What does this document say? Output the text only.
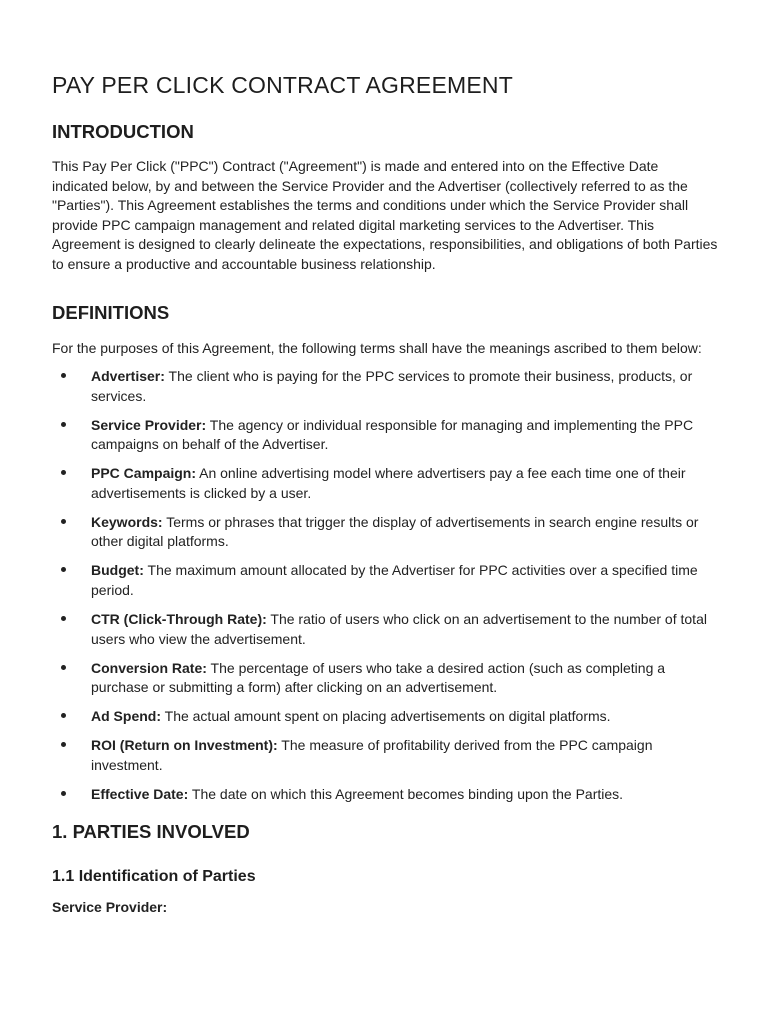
PAY PER CLICK CONTRACT AGREEMENT
INTRODUCTION

This Pay Per Click ("PPC") Contract ("Agreement") is made and entered into on the Effective Date indicated below, by and between the Service Provider and the Advertiser (collectively referred to as the "Parties"). This Agreement establishes the terms and conditions under which the Service Provider shall provide PPC campaign management and related digital marketing services to the Advertiser. This Agreement is designed to clearly delineate the expectations, responsibilities, and obligations of both Parties to ensure a productive and accountable business relationship.

DEFINITIONS

For the purposes of this Agreement, the following terms shall have the meanings ascribed to them below:

Advertiser: The client who is paying for the PPC services to promote their business, products, or services.
Service Provider: The agency or individual responsible for managing and implementing the PPC campaigns on behalf of the Advertiser.
PPC Campaign: An online advertising model where advertisers pay a fee each time one of their advertisements is clicked by a user.
Keywords: Terms or phrases that trigger the display of advertisements in search engine results or other digital platforms.
Budget: The maximum amount allocated by the Advertiser for PPC activities over a specified time period.
CTR (Click-Through Rate): The ratio of users who click on an advertisement to the number of total users who view the advertisement.
Conversion Rate: The percentage of users who take a desired action (such as completing a purchase or submitting a form) after clicking on an advertisement.
Ad Spend: The actual amount spent on placing advertisements on digital platforms.
ROI (Return on Investment): The measure of profitability derived from the PPC campaign investment.
Effective Date: The date on which this Agreement becomes binding upon the Parties.
1. PARTIES INVOLVED
1.1 Identification of Parties
Service Provider:
